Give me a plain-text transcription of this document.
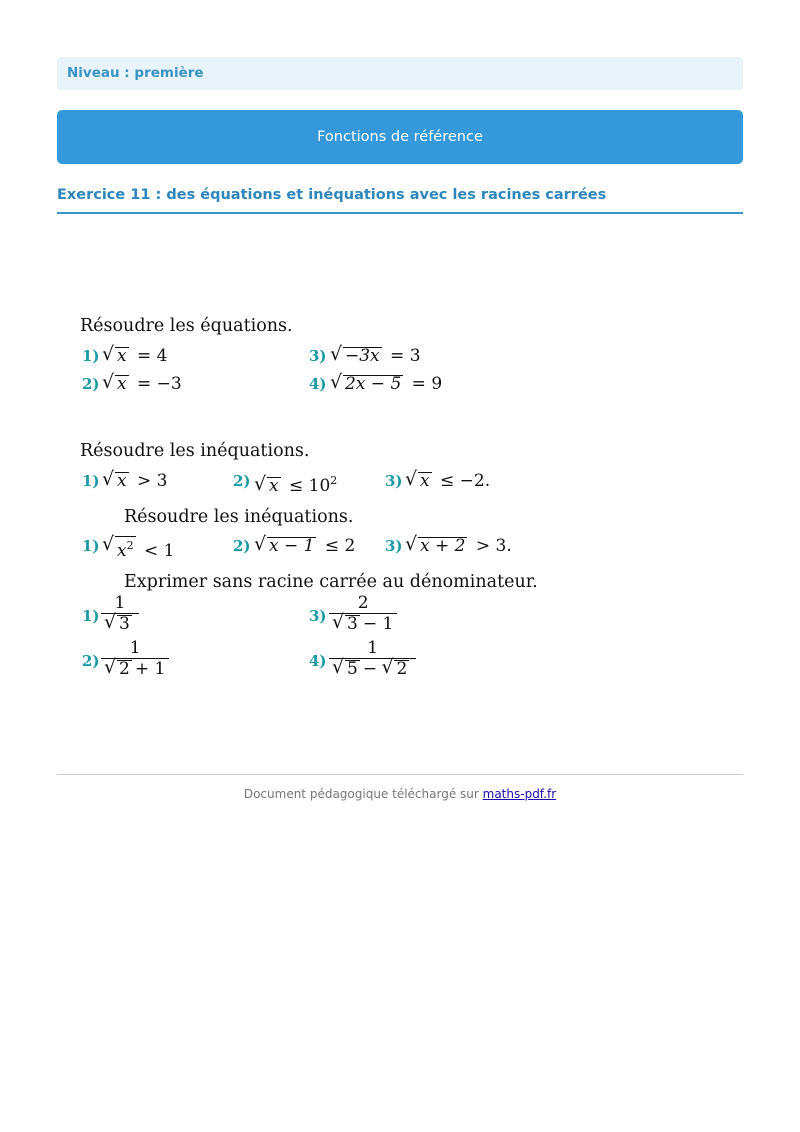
Niveau : première
Fonctions de référence
Exercice 11 : des équations et inéquations avec les racines carrées
Résoudre les équations.
1)	√ x = 4
2)	√ x = −3
3)	√ −3x = 3
4)	√ 2x − 5 = 9
Résoudre les inéquations.
1)	√ x > 3	2)	√ $x \le 10^2$	3)	√ x ≤ −2.
Résoudre les inéquations.
1)	√ $x^2 < 1$	2)	√ x − 1 ≤ 2 3)	√ x + 2 > 3.
Exprimer sans racine carrée au dénominateur.
1) 1
√ 3
2) 1
√ 2 + 1
3) 2
√ 3 − 1
4) 1
√ 5 − √ 2
Document pédagogique téléchargé sur maths-pdf.fr
